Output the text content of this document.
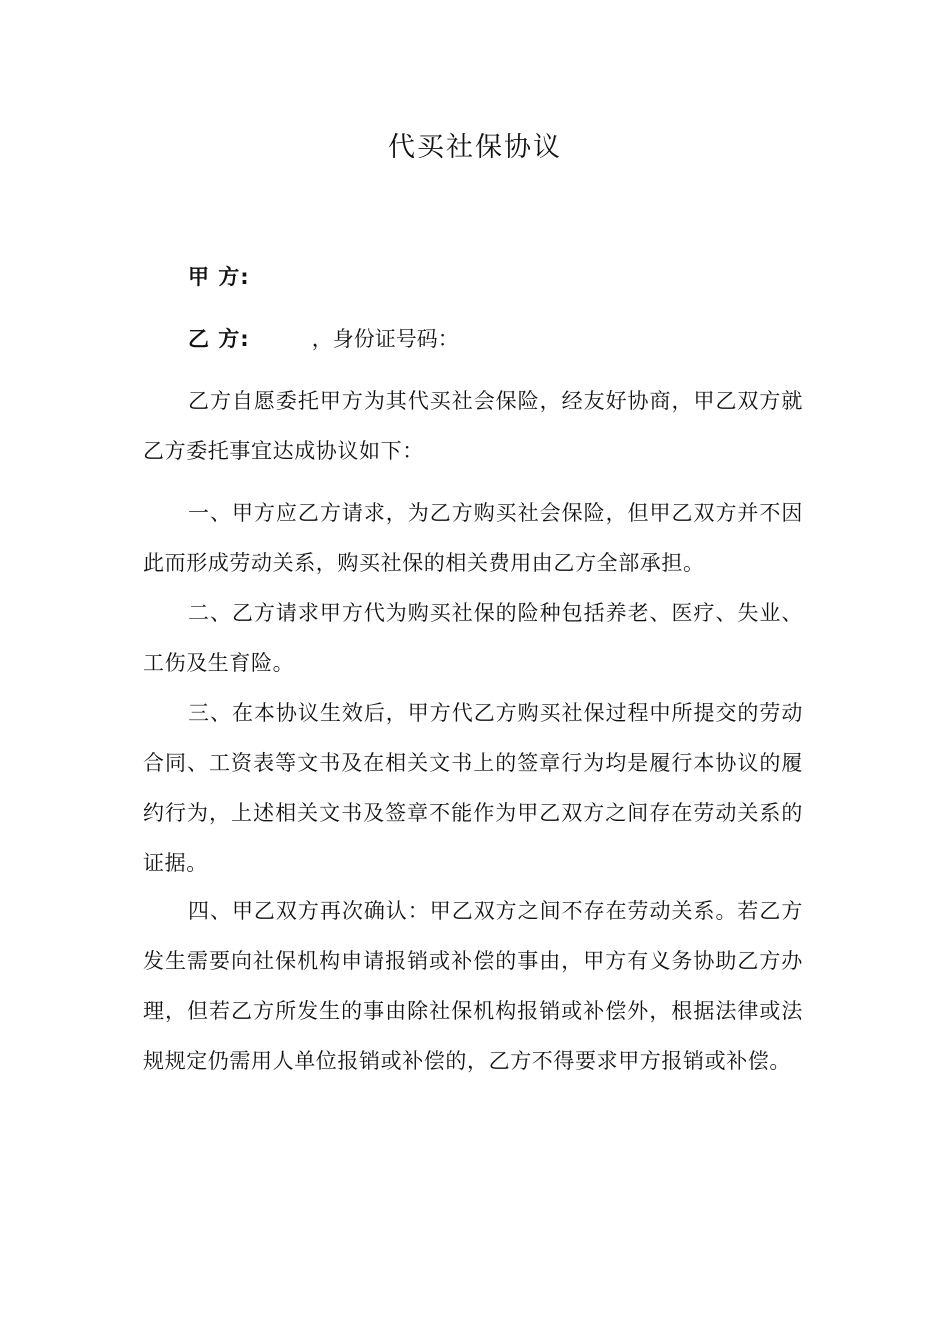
代买社保协议
甲 方:
乙 方:	，身份证号码：

乙方自愿委托甲方为其代买社会保险，经友好协商，甲乙双方就乙方委托事宜达成协议如下：

一、甲方应乙方请求，为乙方购买社会保险，但甲乙双方并不因此而形成劳动关系，购买社保的相关费用由乙方全部承担。

二、乙方请求甲方代为购买社保的险种包括养老、医疗、失业、工伤及生育险。

三、在本协议生效后，甲方代乙方购买社保过程中所提交的劳动合同、工资表等文书及在相关文书上的签章行为均是履行本协议的履约行为，上述相关文书及签章不能作为甲乙双方之间存在劳动关系的证据。

四、甲乙双方再次确认：甲乙双方之间不存在劳动关系。若乙方发生需要向社保机构申请报销或补偿的事由，甲方有义务协助乙方办理，但若乙方所发生的事由除社保机构报销或补偿外，根据法律或法规规定仍需用人单位报销或补偿的，乙方不得要求甲方报销或补偿。
